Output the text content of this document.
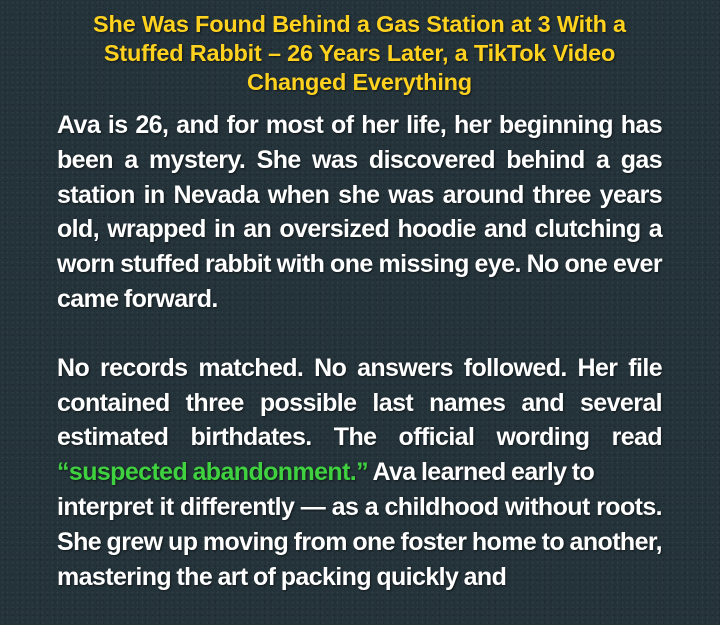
She Was Found Behind a Gas Station at 3 With a Stuffed Rabbit – 26 Years Later, a TikTok Video Changed Everything

Ava is 26, and for most of her life, her beginning has been a mystery. She was discovered behind a gas station in Nevada when she was around three years old, wrapped in an oversized hoodie and clutching a worn stuffed rabbit with one missing eye. No one ever came forward.

No records matched. No answers followed. Her file contained three possible last names and several estimated birthdates. The official wording read “suspected abandonment.” Ava learned early to
interpret it differently — as a childhood without roots. She grew up moving from one foster home to another, mastering the art of packing quickly and
